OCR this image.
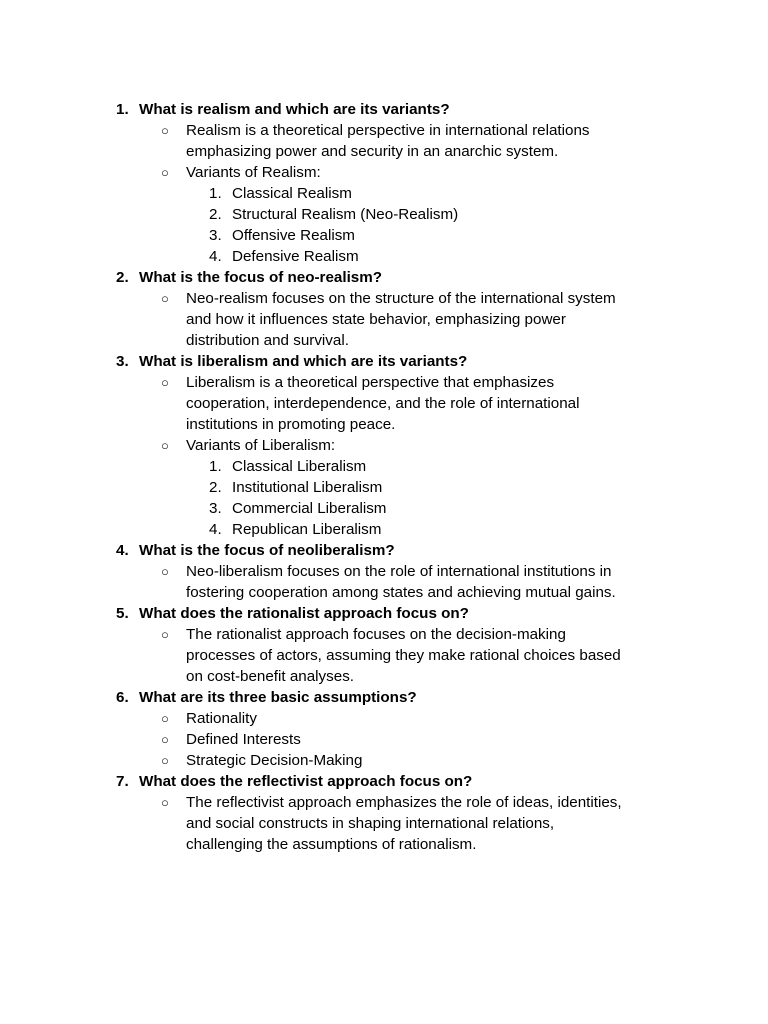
1. What is realism and which are its variants?
○ Realism is a theoretical perspective in international relations
emphasizing power and security in an anarchic system.
○ Variants of Realism:
1. Classical Realism
2. Structural Realism (Neo-Realism)
3. Offensive Realism
4. Defensive Realism
2. What is the focus of neo-realism?
○ Neo-realism focuses on the structure of the international system
and how it influences state behavior, emphasizing power
distribution and survival.
3. What is liberalism and which are its variants?
○ Liberalism is a theoretical perspective that emphasizes
cooperation, interdependence, and the role of international
institutions in promoting peace.
○ Variants of Liberalism:
1. Classical Liberalism
2. Institutional Liberalism
3. Commercial Liberalism
4. Republican Liberalism
4. What is the focus of neoliberalism?
○ Neo-liberalism focuses on the role of international institutions in
fostering cooperation among states and achieving mutual gains.
5. What does the rationalist approach focus on?
○ The rationalist approach focuses on the decision-making
processes of actors, assuming they make rational choices based
on cost-benefit analyses.
6. What are its three basic assumptions?
○ Rationality
○ Defined Interests
○ Strategic Decision-Making
7. What does the reflectivist approach focus on?
○ The reflectivist approach emphasizes the role of ideas, identities,
and social constructs in shaping international relations,
challenging the assumptions of rationalism.
